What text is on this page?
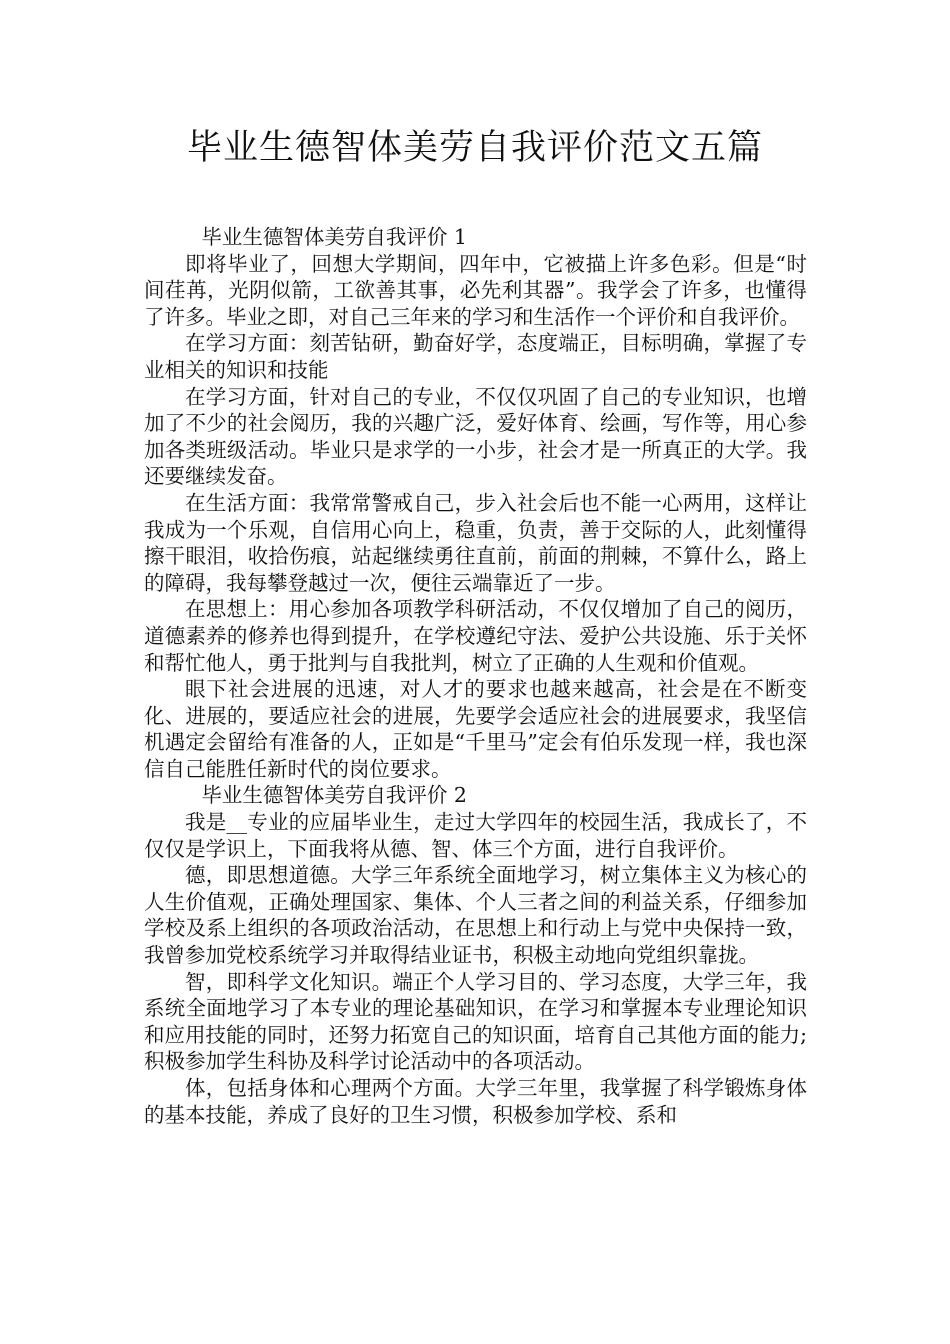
毕业生德智体美劳自我评价范文五篇

毕业生德智体美劳自我评价 1

即将毕业了，回想大学期间，四年中，它被描上许多色彩。但是“时间荏苒，光阴似箭，工欲善其事，必先利其器”。我学会了许多，也懂得了许多。毕业之即，对自己三年来的学习和生活作一个评价和自我评价。

在学习方面：刻苦钻研，勤奋好学，态度端正，目标明确，掌握了专业相关的知识和技能

在学习方面，针对自己的专业，不仅仅巩固了自己的专业知识，也增加了不少的社会阅历，我的兴趣广泛，爱好体育、绘画，写作等，用心参加各类班级活动。毕业只是求学的一小步，社会才是一所真正的大学。我还要继续发奋。

在生活方面：我常常警戒自己，步入社会后也不能一心两用，这样让我成为一个乐观，自信用心向上，稳重，负责，善于交际的人，此刻懂得擦干眼泪，收拾伤痕，站起继续勇往直前，前面的荆棘，不算什么，路上的障碍，我每攀登越过一次，便往云端靠近了一步。

在思想上：用心参加各项教学科研活动，不仅仅增加了自己的阅历，道德素养的修养也得到提升，在学校遵纪守法、爱护公共设施、乐于关怀和帮忙他人，勇于批判与自我批判，树立了正确的人生观和价值观。

眼下社会进展的迅速，对人才的要求也越来越高，社会是在不断变化、进展的，要适应社会的进展，先要学会适应社会的进展要求，我坚信机遇定会留给有准备的人，正如是“千里马”定会有伯乐发现一样，我也深信自己能胜任新时代的岗位要求。

毕业生德智体美劳自我评价 2

我是__专业的应届毕业生，走过大学四年的校园生活，我成长了，不仅仅是学识上，下面我将从德、智、体三个方面，进行自我评价。

德，即思想道德。大学三年系统全面地学习，树立集体主义为核心的人生价值观，正确处理国家、集体、个人三者之间的利益关系，仔细参加学校及系上组织的各项政治活动，在思想上和行动上与党中央保持一致，我曾参加党校系统学习并取得结业证书，积极主动地向党组织靠拢。

智，即科学文化知识。端正个人学习目的、学习态度，大学三年，我系统全面地学习了本专业的理论基础知识，在学习和掌握本专业理论知识和应用技能的同时，还努力拓宽自己的知识面，培育自己其他方面的能力;积极参加学生科协及科学讨论活动中的各项活动。

体，包括身体和心理两个方面。大学三年里，我掌握了科学锻炼身体的基本技能，养成了良好的卫生习惯，积极参加学校、系和
